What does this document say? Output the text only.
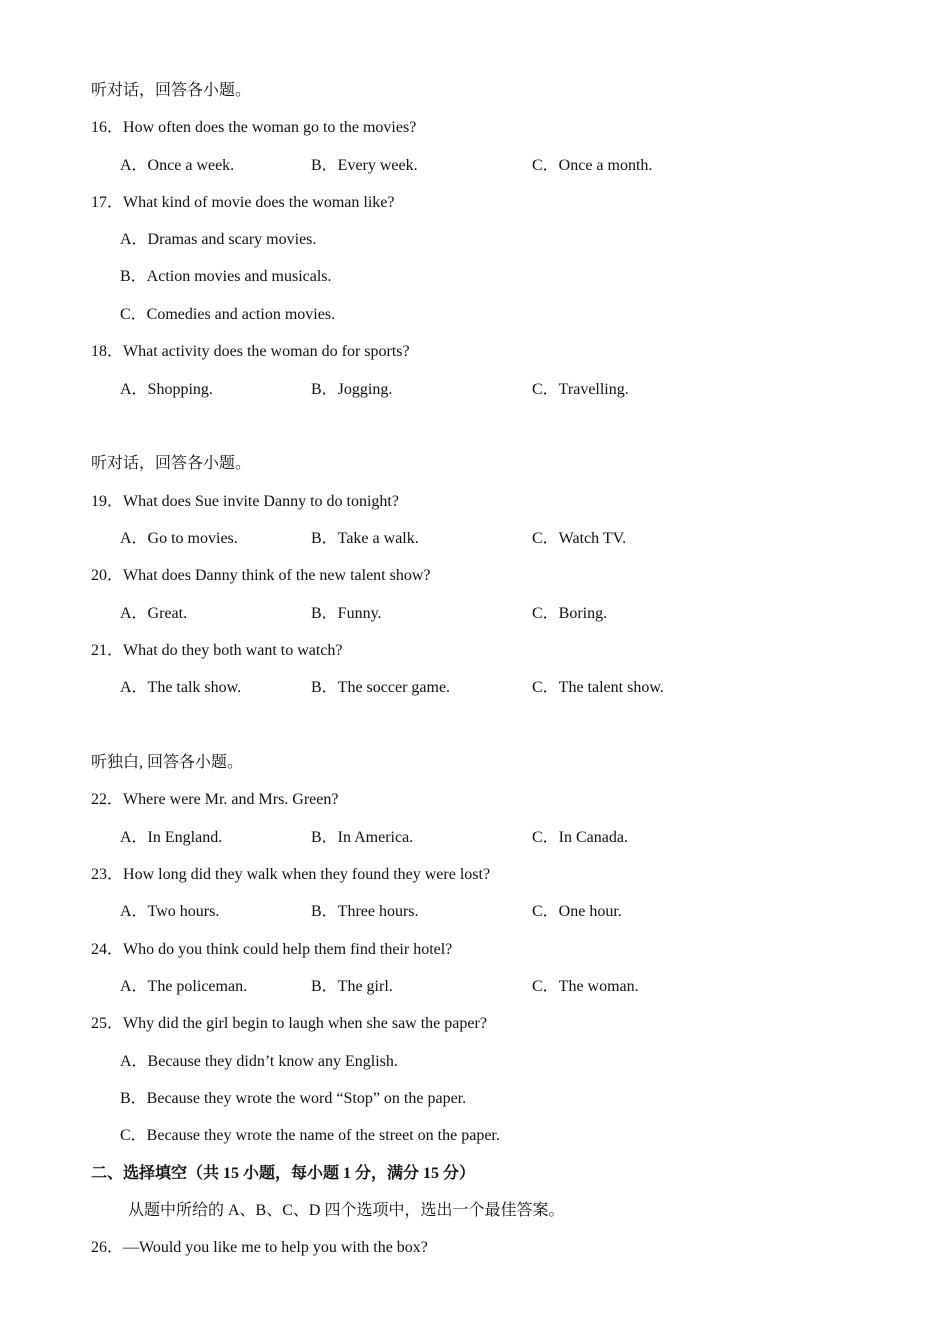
听对话，回答各小题。
16．How often does the woman go to the movies?
A．Once a week.	B．Every week.	C．Once a month.
17．What kind of movie does the woman like?
A．Dramas and scary movies.
B．Action movies and musicals.
C．Comedies and action movies.
18．What activity does the woman do for sports?
A．Shopping.	B．Jogging.	C．Travelling.
听对话，回答各小题。
19．What does Sue invite Danny to do tonight?
A．Go to movies.	B．Take a walk.	C．Watch TV.
20．What does Danny think of the new talent show?
A．Great.	B．Funny.	C．Boring.
21．What do they both want to watch?
A．The talk show.	B．The soccer game.	C．The talent show.
听独白, 回答各小题。
22．Where were Mr. and Mrs. Green?
A．In England.	B．In America.	C．In Canada.
23．How long did they walk when they found they were lost?
A．Two hours.	B．Three hours.	C．One hour.
24．Who do you think could help them find their hotel?
A．The policeman.	B．The girl.	C．The woman.
25．Why did the girl begin to laugh when she saw the paper?
A．Because they didn’t know any English.
B．Because they wrote the word “Stop” on the paper.
C．Because they wrote the name of the street on the paper.
二、选择填空（共 15 小题，每小题 1 分，满分 15 分）
从题中所给的 A、B、C、D 四个选项中，选出一个最佳答案。
26．—Would you like me to help you with the box?
